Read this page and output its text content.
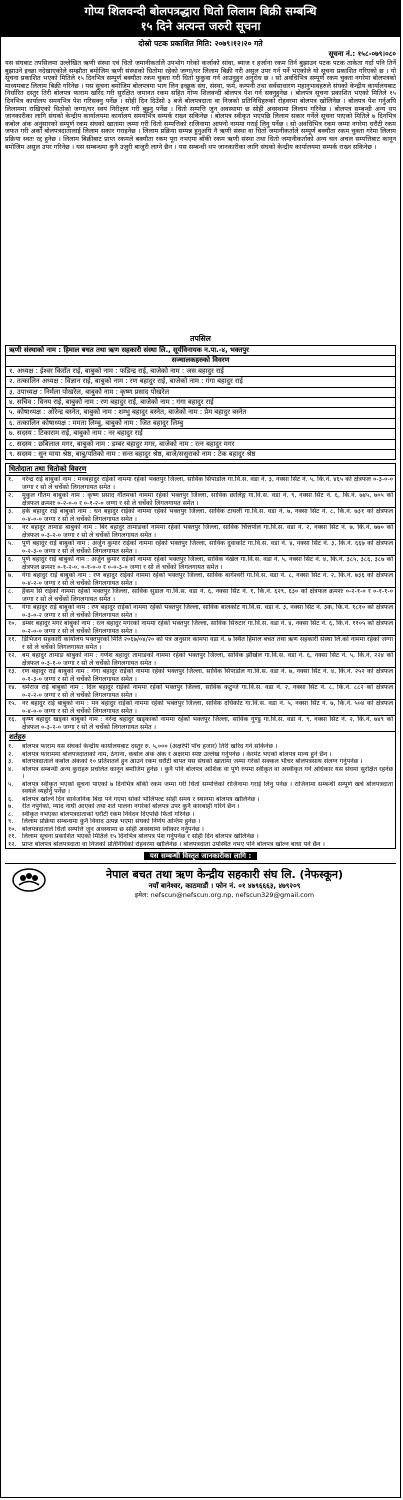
गोप्य शिलवन्दी बोलपत्रद्धारा धितो लिलाम बिक्री सम्बन्धि
१५ दिने अत्यन्त जरुरी सूचना
दोस्रो पटक प्रकाशित मिति: २०७९।१२।२० गते
सूचना नं.: १५८-०७९।०८०
यस संघबाट तपसिलमा उल्लेखित ऋणी संस्था एवं धितो जमानीकर्तालेे उपभोग गरेको कर्जाको सांवा, ब्याज र हर्जाना रकम तिर्न बुझाउन पटक पटक ताकेता गर्दा पनि तिर्ने बुझाउने इच्छा नदेखाएकोले सम्झौता बमोजिम ऋणी संस्थाको धितोमा रहेको जग्गा/घर लिलाम बिक्री गरी असुल उपर गर्न पर्ने भएकोले यो सूचना प्रकाशित गरिएको छ । यो सूचना प्रकाशित भएको मितिले १५ दिनभित्र सम्पूर्ण बक्यौता रकम चुक्ता गरी धितो फुकुवा गर्न आउनुहुन अनुरोध छ । सो अवधिभित्र सम्पूर्ण रकम चुक्ता नगरेमा बोलपत्रको माध्यमबाट लिलाम बिक्री गरिनेछ । यस सूचना बमोजिम बोलपत्रमा भाग लिन इच्छुक संघ, संस्था, फर्म, कम्पनी तथा सर्वसाधारण महानुभावहरुले संघको केन्द्रीय कार्यालयबाट निर्धारित दस्तुर तिरी बोलपत्र फाराम खरिद गरी सुरक्षित जमानत रकम सहित गोप्य शिलवन्दी बोलपत्र पेश गर्न सक्नुहुनेछ । बोलपत्र सूचना प्रकाशित भएको मितिले १५ दिनभित्र कार्यालय समयभित्र पेश गरिसक्नु पर्नेछ । सोही दिन दिउँसो ३ बजे बोलपत्रदाता वा निजको प्रतिनिधिहरुको रोहवरमा बोलपत्र खोलिनेछ । बोलपत्र पेश गर्नुअघि लिलाममा राखिएको धितोको जग्गा/घर स्वयं निरीक्षण गरी बुझ्नु पर्नेछ । धितो सम्पत्ति जुन अवस्थामा छ सोही अवस्थामा लिलाम गरिनेछ । बोलपत्र सम्बन्धी अन्य थप जानकारीका लागि संघको केन्द्रीय कार्यालयमा कार्यालय समयभित्र सम्पर्क राख्न सकिनेछ । बोलपत्र स्वीकृत भएपछि लिलाम सकार गर्नेले सूचना पाएको मितिले ७ दिनभित्र कबोल अंक अनुसारको सम्पूर्ण रकम संघको खातामा जम्मा गरी धितो सम्पत्तिको राजिनामा आफ्नो नाममा गराई लिनु पर्नेछ । सो अवधिभित्र रकम जम्मा नगरेमा धरौटी रकम जफत गरी अर्को बोलपत्रदातालाई लिलाम सकार गराइनेछ । लिलाम प्रक्रिया सम्पन्न हुनुअघि नै ऋणी संस्था वा धितो जमानीकर्ताले सम्पूर्ण बक्यौता रकम चुक्ता गरेमा लिलाम प्रक्रिया स्वतः रद्द हुनेछ । लिलाम बिक्रीबाट प्राप्त रकमले बक्यौता रकम पूरा नभएमा बाँकी रकम ऋणी संस्था तथा धितो जमानीकर्ताको अन्य चल अचल सम्पत्तिबाट कानून बमोजिम असुल उपर गरिनेछ । यस सम्बन्धमा कुनै उजुरी बाजुरी लाग्ने छैन । यस सम्बन्धी थप जानकारीका लागि संघको केन्द्रीय कार्यालयमा सम्पर्क राख्न सकिनेछ ।
तपसिल
ऋणी संस्थाको नाम : हिमाल बचत तथा ऋण सहकारी संस्था लि., सूर्यविनायक न.पा.-४, भक्तपुर
सञ्चालकहरुको विवरण
१. अध्यक्ष : ईश्वर किराँत राई, बाबुको नाम : फडिन्द्र राई, बाजेको नाम : जस बहादुर राई
२. तत्कालिन अध्यक्ष : विज्ञान राई, बाबुको नाम : रण बहादुर राई, बाजेको नाम : गंगा बहादुर राई
३. उपाध्यक्ष : निर्मला पोखरेल, बाबुको नाम : कृष्ण प्रसाद पोखरेल
४. सचिव : विनय राई, बाबुको नाम : रण बहादुर राई, बाजेको नाम : गंगा बहादुर राई
५. कोषाध्यक्ष : ओरेन्द्र बस्नेत, बाबुको नाम : शम्भु बहादुर बस्नेत, बाजेको नाम : प्रेम बहादुर बस्नेत
६. तत्कालिन कोषाध्यक्ष : ममता लिम्बु, बाबुको नाम : जित बहादुर लिम्बु
७. सदस्य : टिकाराम राई, बाबुको नाम : नर बहादुर राई
८. सदस्य : छबिलाल मगर, बाबुको नाम : डम्बर बहादुर मगर, बाजेको नाम : रत्न बहादुर मगर
९. सदस्य : सुन माया श्रेष्ठ, बाबु/पतिको नाम : सन्त बहादुर श्रेष्ठ, बाजे/ससुराको नाम : टेक बहादुर श्रेष्ठ
धितोदाता तथा धितोको विवरण
१.	नरेन्द्र राई बाबुको नाम : मनबहादुर राईको नाममा रहेको भक्तपुर जिल्ला, साविक सिपाडोल गा.वि.स. वडा नं. ३, नक्सा सिट नं. ५, कि.नं. ४६५ को क्षेत्रफल ०-३-०-० जग्गा र सो ले चर्चेको लिगलगायत समेत ।
२.	मुकुल गौतम बाबुको नाम : कृष्ण प्रसाद गौतमको नाममा रहेको भक्तपुर जिल्ला, साविक छालिङ्ग गा.वि.स. वडा नं. ९, नक्सा सिट नं. ६, कि.नं. ७४५, ७०५ को क्षेत्रफल क्रमशः ०-२-०-० र ०-१-२-० जग्गा र सो ले चर्चेको लिगलगायत समेत ।
३.	हर्क बहादुर राई बाबुको नाम : धन बहादुर राईको नाममा रहेको भक्तपुर जिल्ला, साविक टाथली गा.वि.स. वडा नं. ७, नक्सा सिट नं. ८, कि.नं. ७३१ को क्षेत्रफल ०-४-०-० जग्गा र सो ले चर्चेको लिगलगायत समेत ।
४.	नर बहादुर तामाङ बाबुको नाम : बिर बहादुर तामाङको नाममा रहेको भक्तपुर जिल्ला, साविक चित्तपोल गा.वि.स. वडा नं. २, नक्सा सिट नं. ७, कि.नं. ७७० को क्षेत्रफल ०-३-२-० जग्गा र सो ले चर्चेको लिगलगायत समेत ।
५.	पूर्ण बहादुर राई बाबुको नाम : अर्जुन कुमार राईको नाममा रहेको भक्तपुर जिल्ला, साविक दुवाकोट गा.वि.स. वडा नं. ४, नक्सा सिट नं. ३, कि.नं. ६६७ को क्षेत्रफल ०-२-३-० जग्गा र सो ले चर्चेको लिगलगायत समेत ।
६.	पूर्ण बहादुर राई बाबुको नाम : अर्जुन कुमार राईको नाममा रहेको भक्तपुर जिल्ला, साविक नंखेल गा.वि.स. वडा नं. ५, नक्सा सिट नं. ४, कि.नं. ३८५, ३८६, ३८७ को क्षेत्रफल क्रमशः ०-१-२-०, ०-१-०-० र ०-०-३-० जग्गा र सो ले चर्चेको लिगलगायत समेत ।
७.	गंगा बहादुर राई बाबुको नाम : रण बहादुर राईको नाममा रहेको भक्तपुर जिल्ला, साविक बागेश्वरी गा.वि.स. वडा नं. ८, नक्सा सिट नं. २, कि.नं. ७३६ को क्षेत्रफल ०-४-२-० जग्गा र सो ले चर्चेको लिगलगायत समेत ।
८.	हैकम सिं राईको नाममा रहेको भक्तपुर जिल्ला, साविक सुडाल गा.वि.स. वडा नं. ६, नक्सा सिट नं. १, कि.नं. ६२९, ६३० को क्षेत्रफल क्रमशः ०-२-१-० र ०-१-१-० जग्गा र सो ले चर्चेको लिगलगायत समेत ।
९.	गंगा बहादुर राई बाबुको नाम : रण बहादुर राईको नाममा रहेको भक्तपुर जिल्ला, साविक बालकोट गा.वि.स. वडा नं. ३, नक्सा सिट नं. ३क, कि.नं. १८१० को क्षेत्रफल ०-३-०-२ जग्गा र सो ले चर्चेको लिगलगायत समेत ।
१०. डम्बर बहादुर मगर बाबुको नाम : रत्न बहादुर मगरको नाममा रहेको भक्तपुर जिल्ला, साविक सिरुटार गा.वि.स. वडा नं. ४, नक्सा सिट नं. ६, कि.नं. ११०५ को क्षेत्रफल ०-२-०-० जग्गा र सो ले चर्चेको लिगलगायत समेत ।
११. डिभिजन सहकारी कार्यालय भक्तपुरको मिति २०६७/०४/२० को पत्र अनुसार कामपा वडा नं. ७ स्थित हिमाल बचत तथा ऋण सहकारी संस्था लि.को नाममा रहेको जग्गा र सो ले चर्चेको लिगलगायत समेत ।
१२. बम बहादुर तामाङ बाबुको नाम : गणेश बहादुर तामाङको नाममा रहेको भक्तपुर जिल्ला, साविक झौखेल गा.वि.स. वडा नं. ६, नक्सा सिट नं. ५, कि.नं. २२४ को क्षेत्रफल ०-३-१-० जग्गा र सो ले चर्चेको लिगलगायत समेत ।
१३. रण बहादुर राई बाबुको नाम : गंगा बहादुर राईको नाममा रहेको भक्तपुर जिल्ला, साविक सिपाडोल गा.वि.स. वडा नं. ७, नक्सा सिट नं. ४, कि.नं. २५२ को क्षेत्रफल ०-१-३-० जग्गा र सो ले चर्चेको लिगलगायत समेत ।
१४. धर्मराज राई बाबुको नाम : दिल बहादुर राईको नाममा रहेको भक्तपुर जिल्ला, साविक कटुन्जे गा.वि.स. वडा नं. २, नक्सा सिट नं. ८, कि.नं. ८८२ को क्षेत्रफल ०-२-२-० जग्गा र सो ले चर्चेको लिगलगायत समेत ।
१५. नर बहादुर राई बाबुको नाम : मन बहादुर राईको नाममा रहेको भक्तपुर जिल्ला, साविक दधिकोट गा.वि.स. वडा नं. ५, नक्सा सिट नं. ७, कि.नं. ५०४ को क्षेत्रफल ०-४-०-० जग्गा र सो ले चर्चेको लिगलगायत समेत ।
१६. कृष्ण बहादुर खड्का बाबुको नाम : नरेन्द्र बहादुर खड्काको नाममा रहेको भक्तपुर जिल्ला, साविक गुण्डु गा.वि.स. वडा नं. ९, नक्सा सिट नं. २, कि.नं. ७४९ को क्षेत्रफल ०-३-२-० जग्गा र सो ले चर्चेको लिगलगायत समेत ।
शर्तहरु
१.	बोलपत्र फाराम यस संघको केन्द्रीय कार्यालयबाट दस्तुर रु. ५,००० (अक्षरेपी पाँच हजार) तिरी खरिद गर्न सकिनेछ ।
२.	बोलपत्र फाराममा बोलपत्रदाताको नाम, ठेगाना, कबोल अंक अंक र अक्षरमा स्पष्ट उल्लेख गर्नुपर्नेछ । केरमेट भएको बोलपत्र मान्य हुने छैन ।
३.	बोलपत्रदाताले कबोल अंकको १० प्रतिशतले हुन आउने रकम धरौटी बापत यस संघको खातामा जम्मा गरेको सक्कल भौचर बोलपत्रसाथ संलग्न गर्नुपर्नेछ ।
४.	बोलपत्र सम्बन्धी अन्य कुराहरु प्रचलित कानून बमोजिम हुनेछ । कुनै पनि बोलपत्र आंशिक वा पूर्ण रुपमा स्वीकृत वा अस्वीकृत गर्ने अधिकार यस संघमा सुरक्षित रहनेछ ।
५.	बोलपत्र स्वीकृत भएको सूचना पाएको ७ दिनभित्र बाँकी रकम जम्मा गरी धितो सम्पत्तिको राजिनामा गराई लिनु पर्नेछ । राजिनामा सम्बन्धी सम्पूर्ण खर्च बोलपत्रदाता स्वयंले व्यहोर्नु पर्नेछ ।
६.	बोलपत्र खोल्ने दिन सार्वजनिक बिदा पर्न गएमा सोको भोलिपल्ट सोही समय र स्थानमा बोलपत्र खोलिनेछ ।
७.	रीत नपुगेको, म्याद नाघी आएको तथा शर्त पालना नगरेको बोलपत्र उपर कुनै कारबाही गरिने छैन ।
८.	स्वीकृत नभएका बोलपत्रदाताको धरौटी रकम निवेदन दिएपछि फिर्ता गरिनेछ ।
९.	लिलाम प्रक्रिया सम्बन्धमा कुनै विवाद उत्पन्न भएमा संघको निर्णय अन्तिम हुनेछ ।
१०. बोलपत्रदाताले धितो सम्पत्ति जुन अवस्थामा छ सोही अवस्थामा स्वीकार गर्नुपर्नेछ ।
११. लिलाम सूचना प्रकाशित भएको मितिले १५ दिनभित्र बोलपत्र पेश गर्नुपर्नेछ र सोही दिन बोलपत्र खोलिनेछ ।
१२. प्राप्त बोलपत्र बोलपत्रदाता वा निजको प्रतिनिधिको रोहवरमा खोलिनेछ । बोलपत्रदाता उपस्थित नभए पनि बोलपत्र खोल्न बाधा पर्ने छैन ।
यस सम्बन्धी विस्तृत जानकारीका लागि :
नेपाल बचत तथा ऋण केन्द्रीय सहकारी संघ लि. (नेफस्कून)
नयाँ बानेश्वर, काठमाडौं । फोन नं. ०१ ४७९६६६३, ४७९२०९
इमेल: nefscun@nefscun.org.np, nefscun329@gmail.com
